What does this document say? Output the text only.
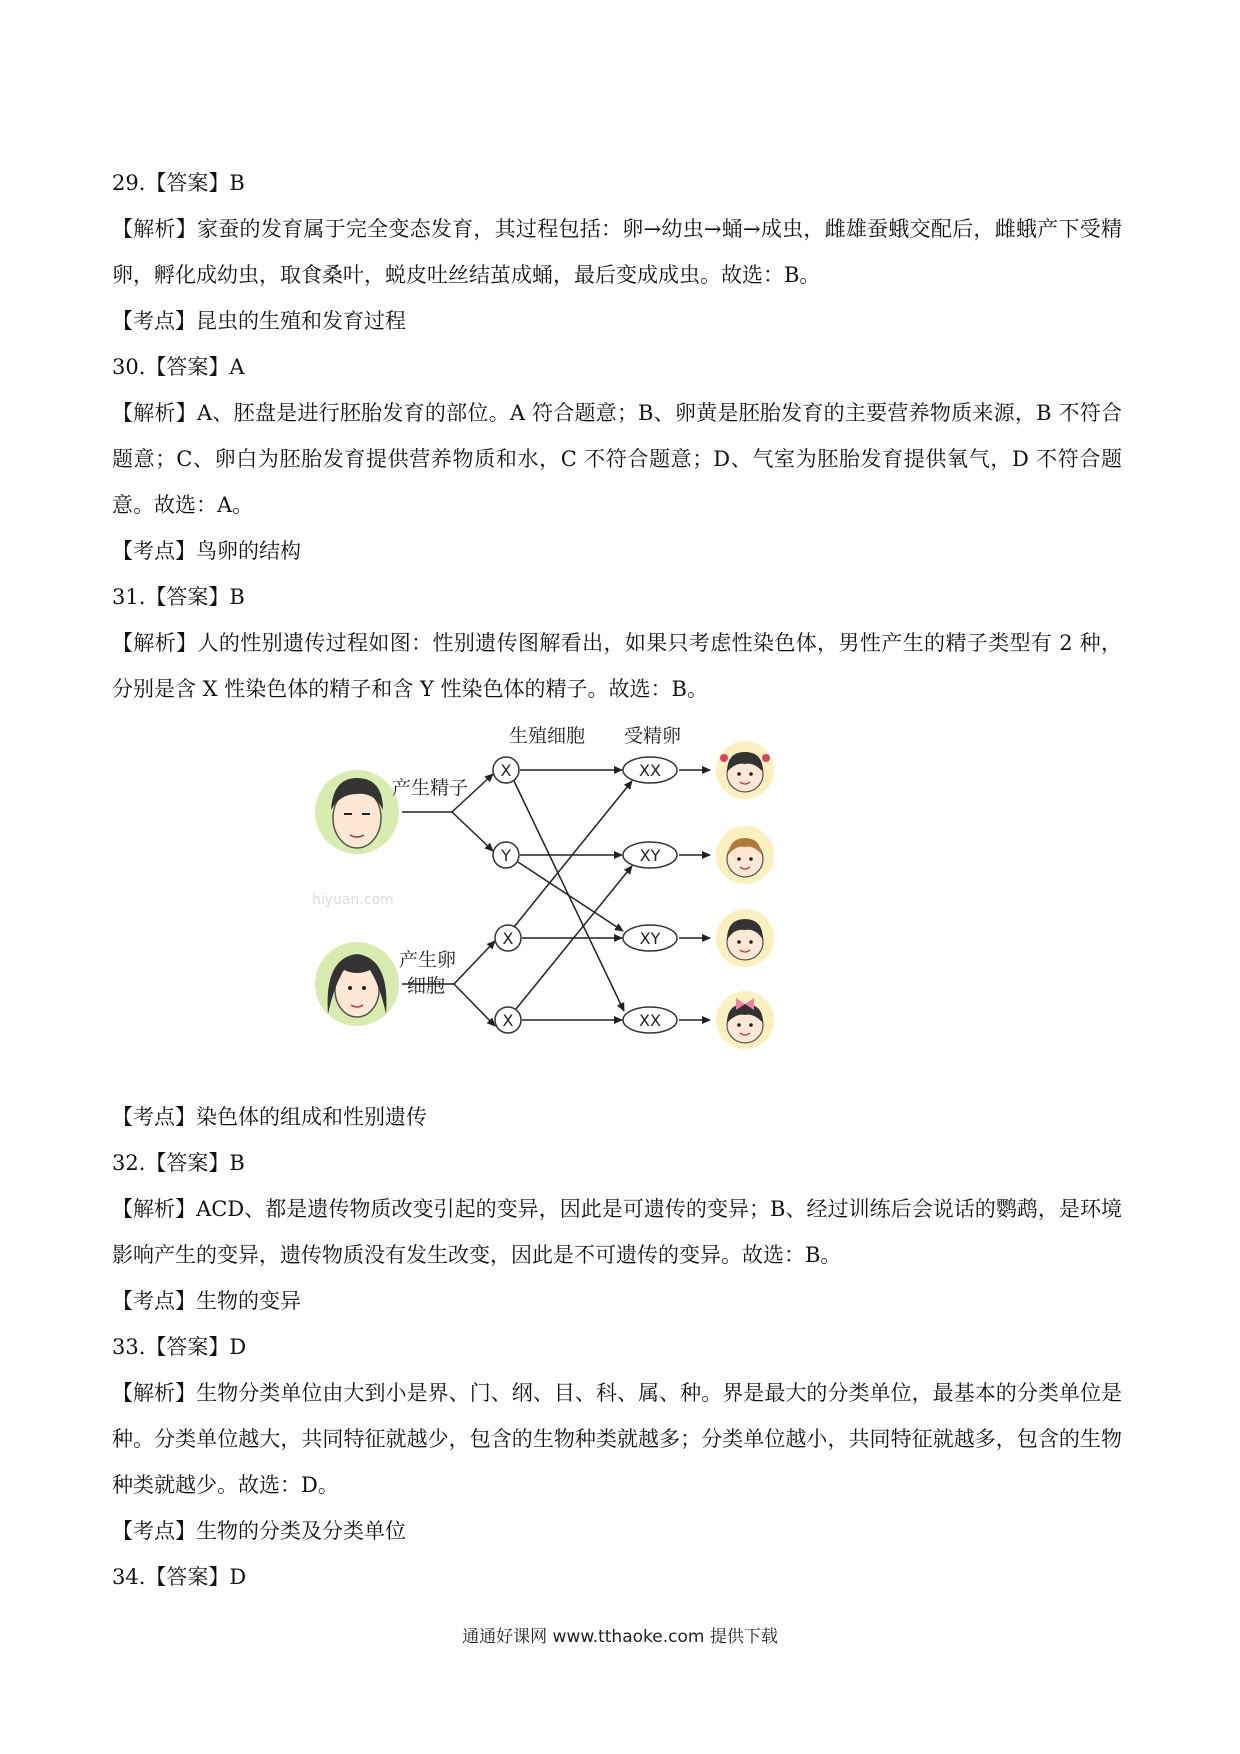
29.【答案】B
【解析】家蚕的发育属于完全变态发育，其过程包括：卵→幼虫→蛹→成虫，雌雄蚕蛾交配后，雌蛾产下受精卵，孵化成幼虫，取食桑叶，蜕皮吐丝结茧成蛹，最后变成成虫。故选：B。
【考点】昆虫的生殖和发育过程
30.【答案】A
【解析】A、胚盘是进行胚胎发育的部位。A 符合题意；B、卵黄是胚胎发育的主要营养物质来源，B 不符合题意；C、卵白为胚胎发育提供营养物质和水，C 不符合题意；D、气室为胚胎发育提供氧气，D 不符合题意。故选：A。
【考点】鸟卵的结构
31.【答案】B
【解析】人的性别遗传过程如图：性别遗传图解看出，如果只考虑性染色体，男性产生的精子类型有 2 种，分别是含 X 性染色体的精子和含 Y 性染色体的精子。故选：B。
生殖细胞 受精卵
hiyuan.com
产生精子
产生卵
细胞
X
Y
X
X
XX
XY
XY
XX
【考点】染色体的组成和性别遗传
32.【答案】B
【解析】ACD、都是遗传物质改变引起的变异，因此是可遗传的变异；B、经过训练后会说话的鹦鹉，是环境影响产生的变异，遗传物质没有发生改变，因此是不可遗传的变异。故选：B。
【考点】生物的变异
33.【答案】D
【解析】生物分类单位由大到小是界、门、纲、目、科、属、种。界是最大的分类单位，最基本的分类单位是种。分类单位越大，共同特征就越少，包含的生物种类就越多；分类单位越小，共同特征就越多，包含的生物种类就越少。故选：D。
【考点】生物的分类及分类单位
34.【答案】D
通通好课网 www.tthaoke.com 提供下载
